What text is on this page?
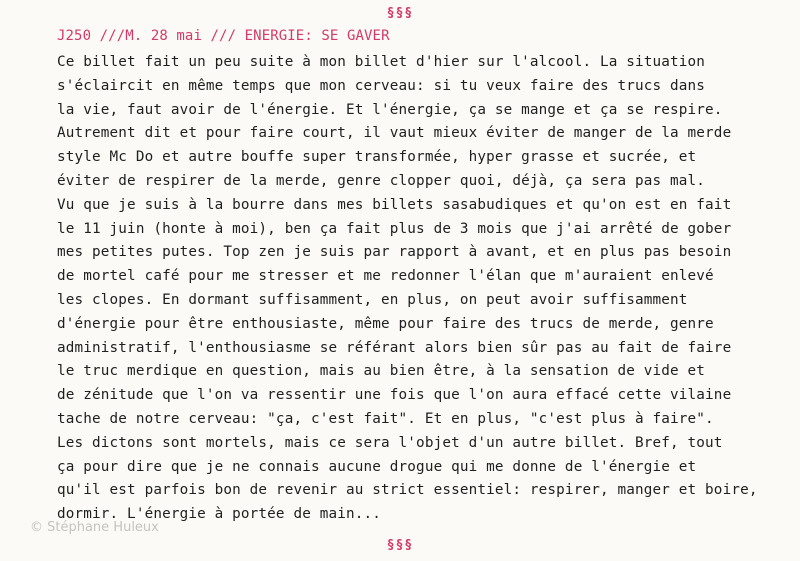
§§§
J250 ///M. 28 mai /// ENERGIE: SE GAVER
Ce billet fait un peu suite à mon billet d'hier sur l'alcool. La situation
s'éclaircit en même temps que mon cerveau: si tu veux faire des trucs dans
la vie, faut avoir de l'énergie. Et l'énergie, ça se mange et ça se respire.
Autrement dit et pour faire court, il vaut mieux éviter de manger de la merde
style Mc Do et autre bouffe super transformée, hyper grasse et sucrée, et
éviter de respirer de la merde, genre clopper quoi, déjà, ça sera pas mal.
Vu que je suis à la bourre dans mes billets sasabudiques et qu'on est en fait
le 11 juin (honte à moi), ben ça fait plus de 3 mois que j'ai arrêté de gober
mes petites putes. Top zen je suis par rapport à avant, et en plus pas besoin
de mortel café pour me stresser et me redonner l'élan que m'auraient enlevé
les clopes. En dormant suffisamment, en plus, on peut avoir suffisamment
d'énergie pour être enthousiaste, même pour faire des trucs de merde, genre
administratif, l'enthousiasme se référant alors bien sûr pas au fait de faire
le truc merdique en question, mais au bien être, à la sensation de vide et
de zénitude que l'on va ressentir une fois que l'on aura effacé cette vilaine
tache de notre cerveau: "ça, c'est fait". Et en plus, "c'est plus à faire".
Les dictons sont mortels, mais ce sera l'objet d'un autre billet. Bref, tout
ça pour dire que je ne connais aucune drogue qui me donne de l'énergie et
qu'il est parfois bon de revenir au strict essentiel: respirer, manger et boire,
dormir. L'énergie à portée de main...
§§§
© Stéphane Huleux
